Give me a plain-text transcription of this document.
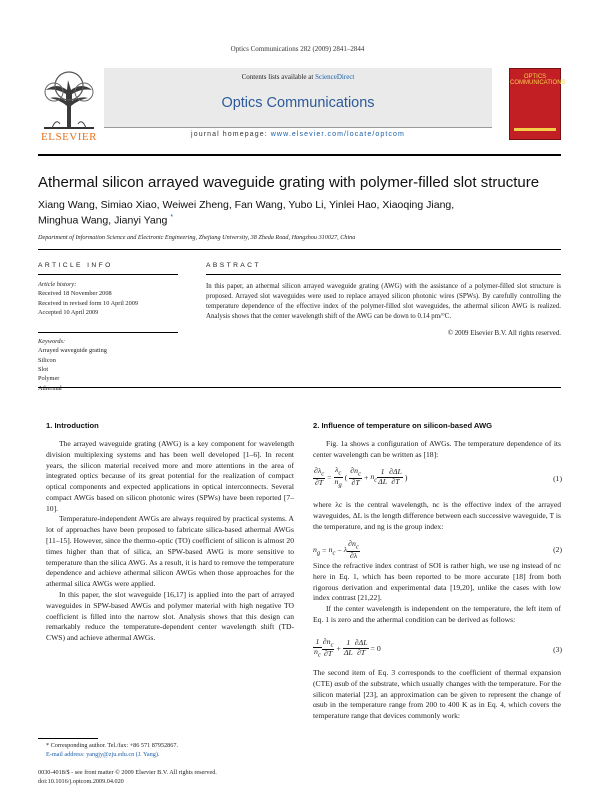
Optics Communications 282 (2009) 2841–2844
ELSEVIER
Contents lists available at ScienceDirect
Optics Communications
journal homepage: www.elsevier.com/locate/optcom
OPTICS COMMUNICATIONS
Athermal silicon arrayed waveguide grating with polymer-filled slot structure
Xiang Wang, Simiao Xiao, Weiwei Zheng, Fan Wang, Yubo Li, Yinlei Hao, Xiaoqing Jiang,
Minghua Wang, Jianyi Yang *
Department of Information Science and Electronic Engineering, Zhejiang University, 38 Zheda Road, Hangzhou 310027, China
ARTICLE INFO
Article history:
Received 18 November 2008
Received in revised form 10 April 2009
Accepted 10 April 2009
Keywords:
Arrayed waveguide grating
Silicon
Slot
Polymer
Athermal
ABSTRACT
In this paper, an athermal silicon arrayed waveguide grating (AWG) with the assistance of a polymer-filled slot structure is proposed. Arrayed slot waveguides were used to replace arrayed silicon photonic wires (SPWs). By carefully controlling the temperature dependence of the effective index of the polymer-filled slot waveguides, the athermal silicon AWG is realized. Analysis shows that the center wavelength shift of the AWG can be down to 0.14 pm/°C.
© 2009 Elsevier B.V. All rights reserved.
1. Introduction

The arrayed waveguide grating (AWG) is a key component for wavelength division multiplexing systems and has been well developed [1–6]. In recent years, the silicon material received more and more attentions in the area of integrated optics because of its great potential for the realization of compact optical components and expected applications in optical interconnects. Several compact AWGs based on silicon photonic wires (SPWs) have been reported [7–10].

Temperature-independent AWGs are always required by practical systems. A lot of approaches have been proposed to fabricate silica-based athermal AWGs [11–15]. However, since the thermo-optic (TO) coefficient of silicon is almost 20 times higher than that of silica, an SPW-based AWG is more sensitive to temperature than the silica AWG. As a result, it is hard to remove the temperature dependence and achieve athermal silicon AWGs when those approaches for the athermal silica AWGs were applied.

In this paper, the slot waveguide [16,17] is applied into the part of arrayed waveguides in SPW-based AWGs and polymer material with high negative TO coefficient is filled into the narrow slot. Analysis shows that this design can remarkably reduce the temperature-dependent center wavelength shift (TD-CWS) and achieve athermal AWGs.

2. Influence of temperature on silicon-based AWG

Fig. 1a shows a configuration of AWGs. The temperature dependence of its center wavelength can be written as [18]:

$\frac{\partial\lambda_c}{\partial T} = \frac{\lambda_c}{n_g}$ ( $\frac{\partial n_c}{\partial T} + n_c \frac{1}{\Delta L} \frac{\partial\Delta L}{\partial T}$ )	(1)

where λc is the central wavelength, nc is the effective index of the arrayed waveguides, ΔL is the length difference between each successive waveguide, T is the temperature, and ng is the group index:

$n_g = n_c - \lambda \frac{\partial n_c}{\partial\lambda}$	(2)

Since the refractive index contrast of SOI is rather high, we use ng instead of nc here in Eq. 1, which has been reported to be more accurate [18] from both rigorous derivation and experimental data [19,20], unlike the cases with low index contrast [21,22].

If the center wavelength is independent on the temperature, the left item of Eq. 1 is zero and the athermal condition can be derived as follows:

$\frac{1}{n_c} \frac{\partial n_c}{\partial T} + \frac{1}{\Delta L} \frac{\partial\Delta L}{\partial T} = 0$	(3)

The second item of Eq. 3 corresponds to the coefficient of thermal expansion (CTE) αsub of the substrate, which usually changes with the temperature. For the silicon material [23], an approximation can be given to represent the change of αsub in the temperature range from 200 to 400 K as in Eq. 4, which covers the temperature range that devices commonly work:

* Corresponding author. Tel./fax: +86 571 87952867.
E-mail address: yangjy@zju.edu.cn (J. Yang).
0030-4018/$ - see front matter © 2009 Elsevier B.V. All rights reserved.
doi:10.1016/j.optcom.2009.04.020
